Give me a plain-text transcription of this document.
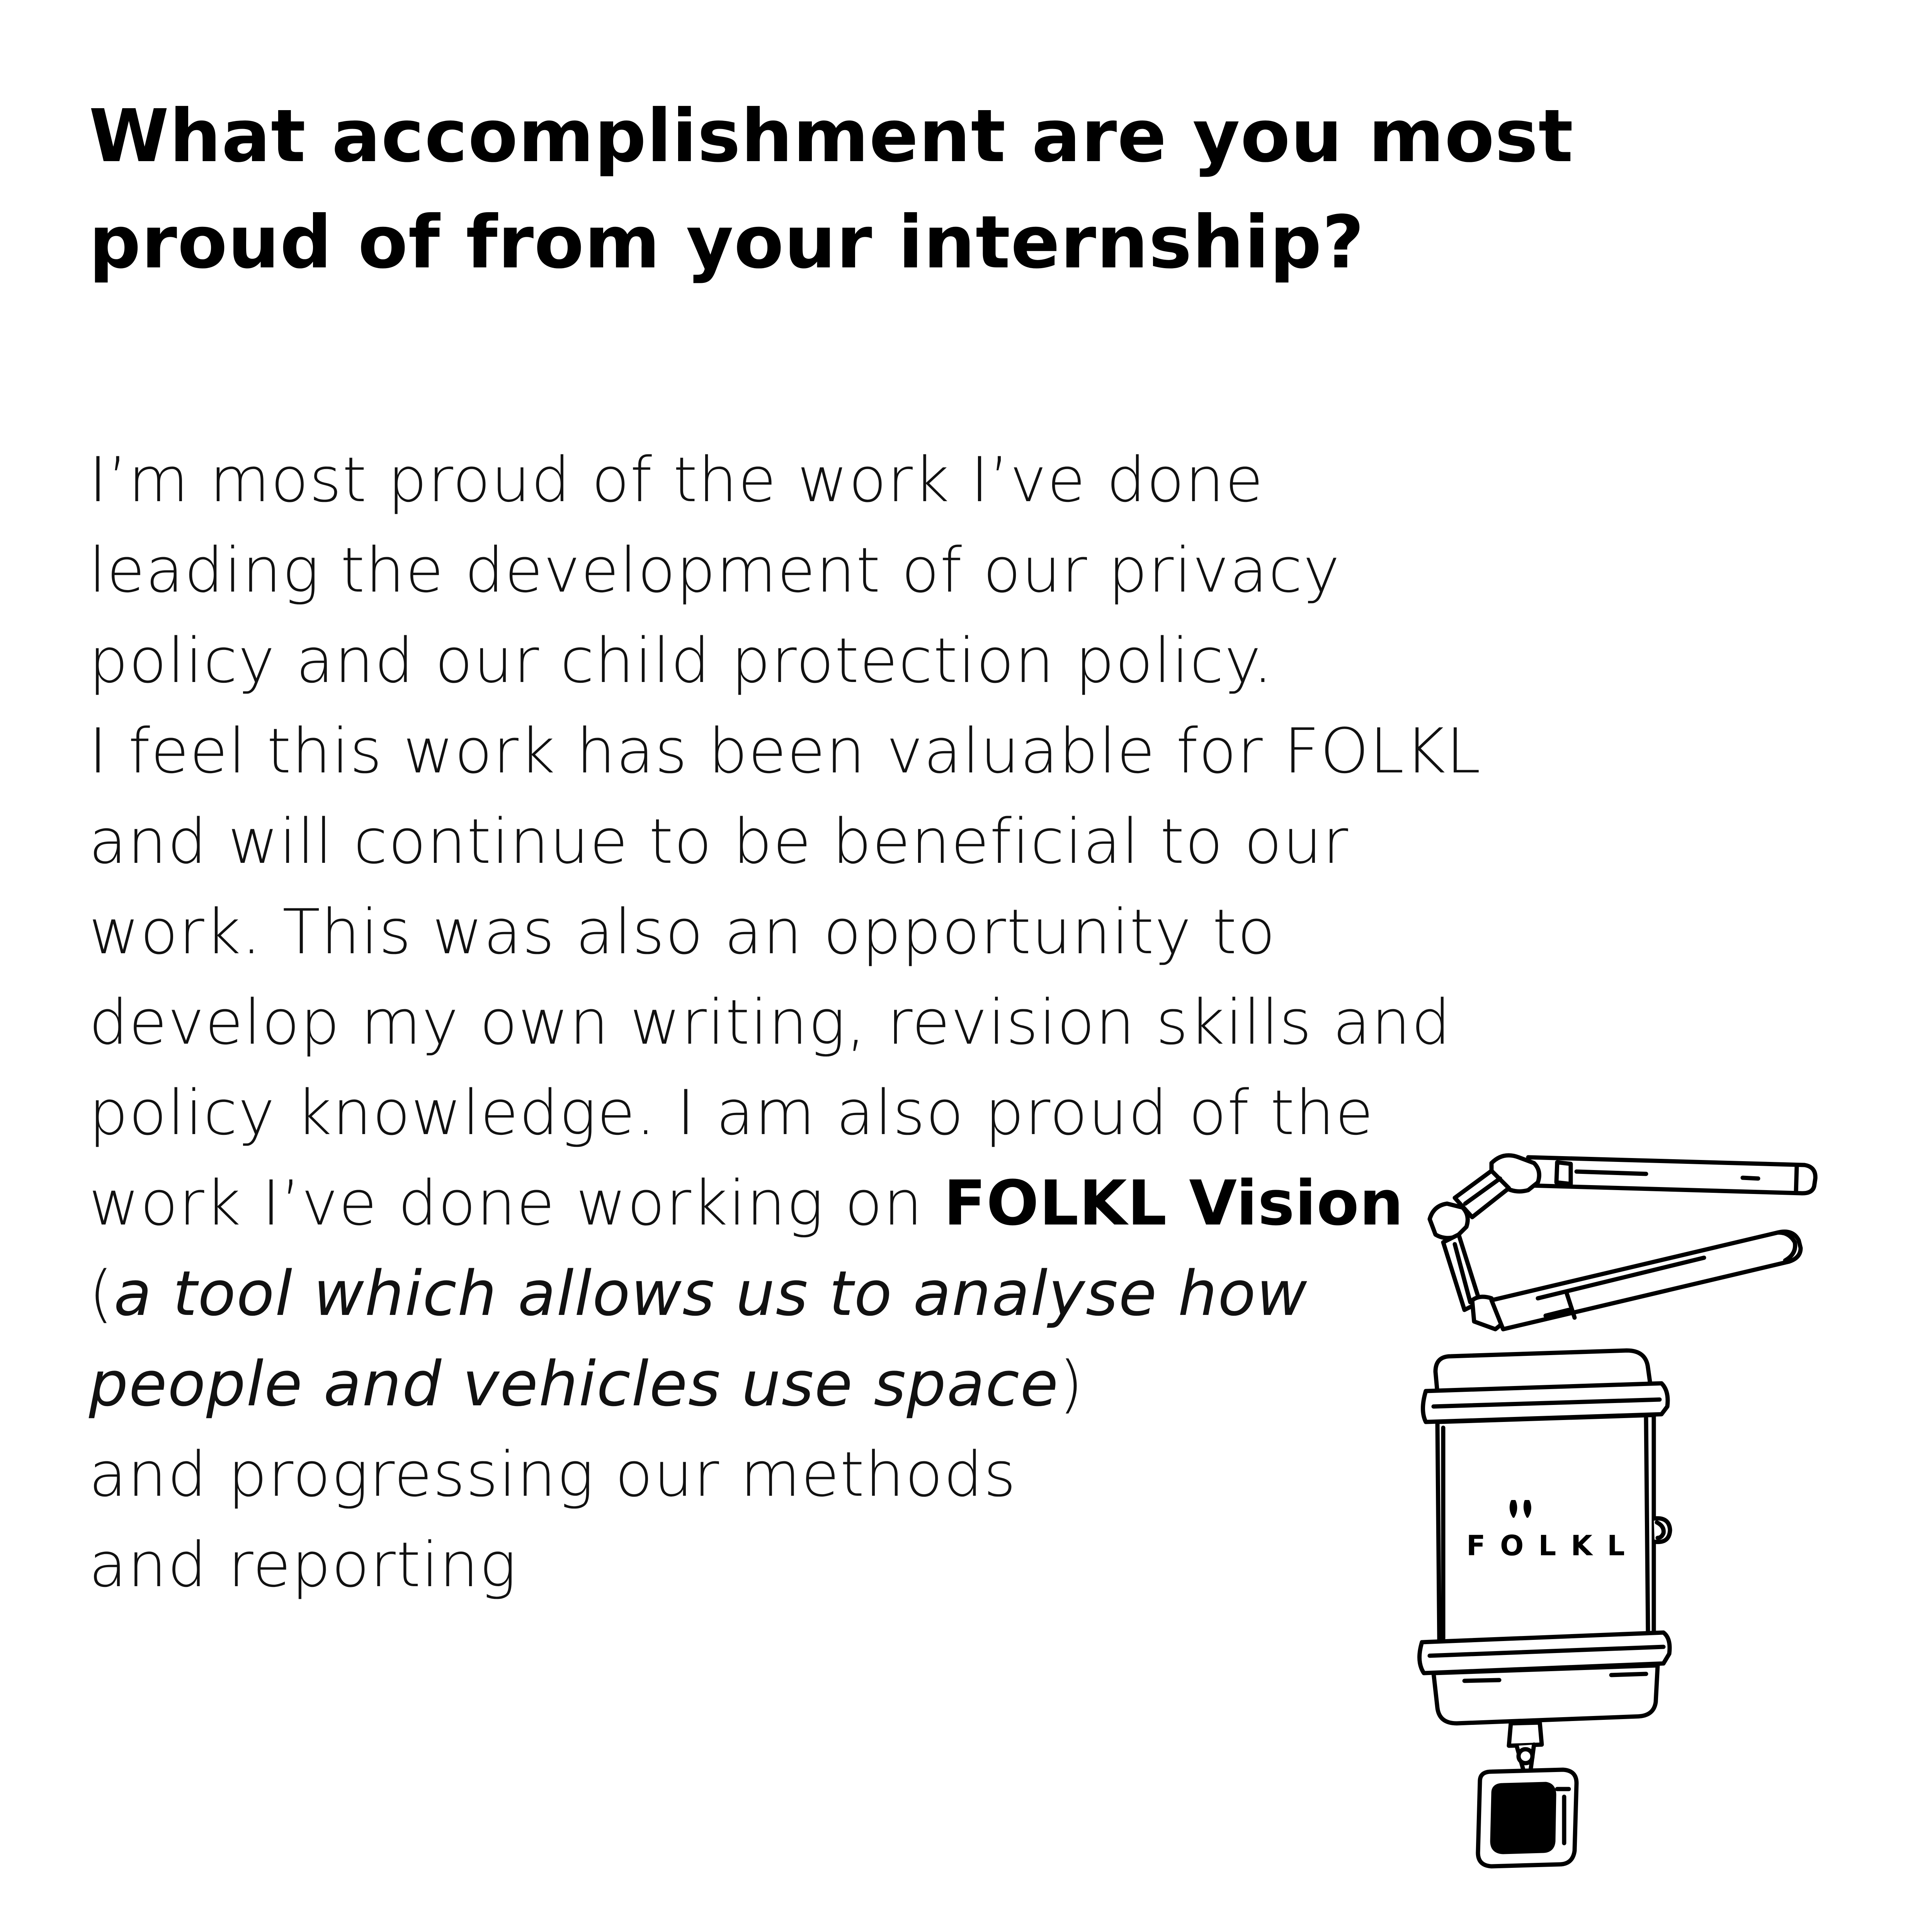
What accomplishment are you most
proud of from your internship?

I’m most proud of the work I’ve done
leading the development of our privacy
policy and our child protection policy.
I feel this work has been valuable for FOLKL
and will continue to be beneficial to our
work. This was also an opportunity to
develop my own writing, revision skills and
policy knowledge. I am also proud of the
work I’ve done working on FOLKL Vision
(a tool which allows us to analyse how
people and vehicles use space)
and progressing our methods
and reporting	FOLKL
